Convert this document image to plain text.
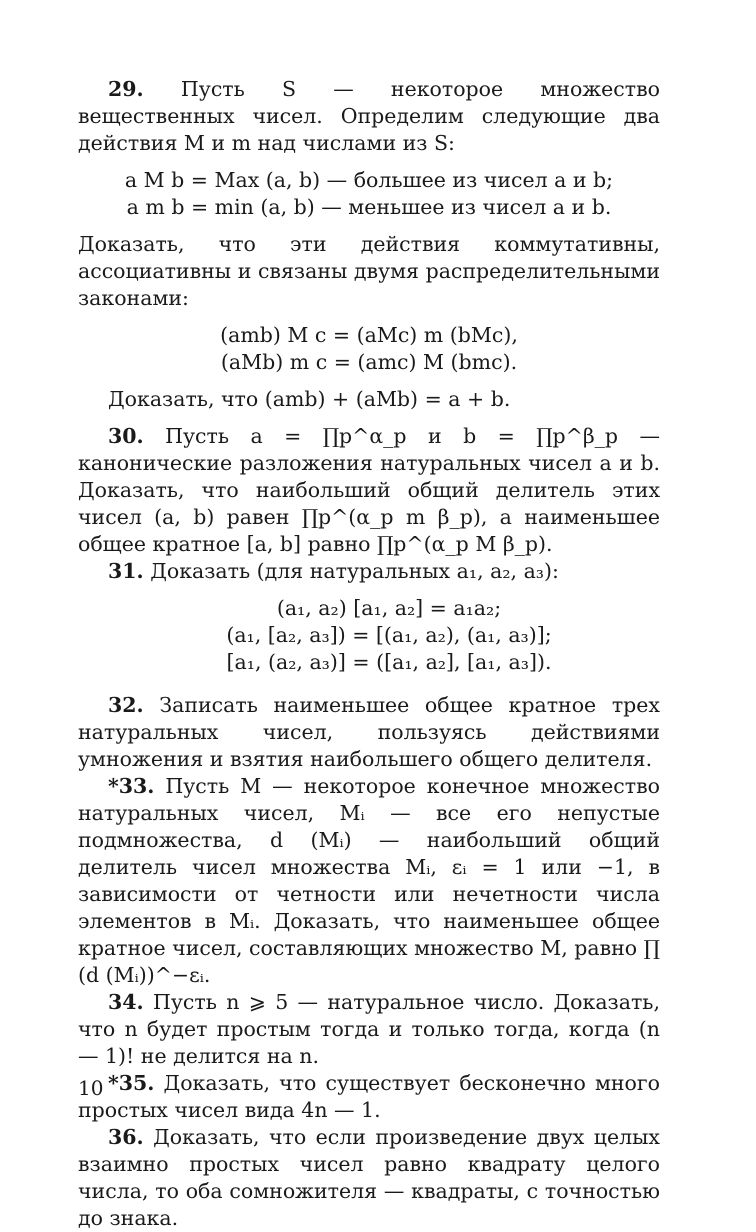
29. Пусть S — некоторое множество вещественных чисел. Определим следующие два действия M и m над числами из S:

a M b = Max (a, b) — большее из чисел a и b;

a m b = min (a, b) — меньшее из чисел a и b.

Доказать, что эти действия коммутативны, ассоциативны и связаны двумя распределительными законами:

(amb) M c = (aMc) m (bMc),

(aMb) m c = (amc) M (bmc).

Доказать, что (amb) + (aMb) = a + b.

30. Пусть a = ∏p^α_p и b = ∏p^β_p — канонические разложения натуральных чисел a и b. Доказать, что наибольший общий делитель этих чисел (a, b) равен ∏p^(α_p m β_p), а наименьшее общее кратное [a, b] равно ∏p^(α_p M β_p).

31. Доказать (для натуральных a₁, a₂, a₃):

(a₁, a₂) [a₁, a₂] = a₁a₂;

(a₁, [a₂, a₃]) = [(a₁, a₂), (a₁, a₃)];

[a₁, (a₂, a₃)] = ([a₁, a₂], [a₁, a₃]).

32. Записать наименьшее общее кратное трех натуральных чисел, пользуясь действиями умножения и взятия наибольшего общего делителя.

*33. Пусть M — некоторое конечное множество натуральных чисел, Mᵢ — все его непустые подмножества, d (Mᵢ) — наибольший общий делитель чисел множества Mᵢ, εᵢ = 1 или −1, в зависимости от четности или нечетности числа элементов в Mᵢ. Доказать, что наименьшее общее кратное чисел, составляющих множество M, равно ∏ (d (Mᵢ))^−εᵢ.

34. Пусть n ⩾ 5 — натуральное число. Доказать, что n будет простым тогда и только тогда, когда (n — 1)! не делится на n.

*35. Доказать, что существует бесконечно много простых чисел вида 4n — 1.

36. Доказать, что если произведение двух целых взаимно простых чисел равно квадрату целого числа, то оба сомножителя — квадраты, с точностью до знака.

10
